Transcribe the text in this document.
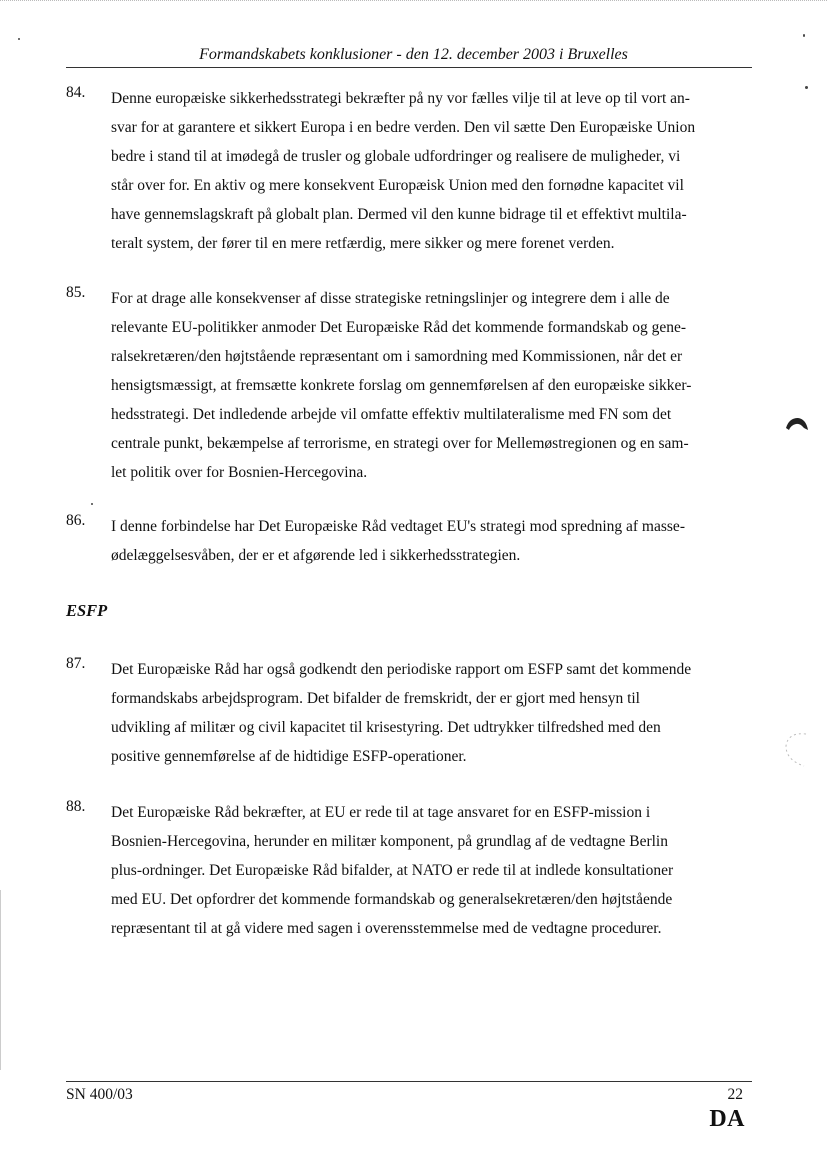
Formandskabets konklusioner - den 12. december 2003 i Bruxelles
84. Denne europæiske sikkerhedsstrategi bekræfter på ny vor fælles vilje til at leve op til vort an-
svar for at garantere et sikkert Europa i en bedre verden. Den vil sætte Den Europæiske Union
bedre i stand til at imødegå de trusler og globale udfordringer og realisere de muligheder, vi
står over for. En aktiv og mere konsekvent Europæisk Union med den fornødne kapacitet vil
have gennemslagskraft på globalt plan. Dermed vil den kunne bidrage til et effektivt multila-
teralt system, der fører til en mere retfærdig, mere sikker og mere forenet verden.
85. For at drage alle konsekvenser af disse strategiske retningslinjer og integrere dem i alle de
relevante EU-politikker anmoder Det Europæiske Råd det kommende formandskab og gene-
ralsekretæren/den højtstående repræsentant om i samordning med Kommissionen, når det er
hensigtsmæssigt, at fremsætte konkrete forslag om gennemførelsen af den europæiske sikker-
hedsstrategi. Det indledende arbejde vil omfatte effektiv multilateralisme med FN som det
centrale punkt, bekæmpelse af terrorisme, en strategi over for Mellemøstregionen og en sam-
let politik over for Bosnien-Hercegovina.
86. I denne forbindelse har Det Europæiske Råd vedtaget EU's strategi mod spredning af masse-
ødelæggelsesvåben, der er et afgørende led i sikkerhedsstrategien.
ESFP
87. Det Europæiske Råd har også godkendt den periodiske rapport om ESFP samt det kommende
formandskabs arbejdsprogram. Det bifalder de fremskridt, der er gjort med hensyn til
udvikling af militær og civil kapacitet til krisestyring. Det udtrykker tilfredshed med den
positive gennemførelse af de hidtidige ESFP-operationer.
88. Det Europæiske Råd bekræfter, at EU er rede til at tage ansvaret for en ESFP-mission i
Bosnien-Hercegovina, herunder en militær komponent, på grundlag af de vedtagne Berlin
plus-ordninger. Det Europæiske Råd bifalder, at NATO er rede til at indlede konsultationer
med EU. Det opfordrer det kommende formandskab og generalsekretæren/den højtstående
repræsentant til at gå videre med sagen i overensstemmelse med de vedtagne procedurer.
SN 400/03	22
DA
